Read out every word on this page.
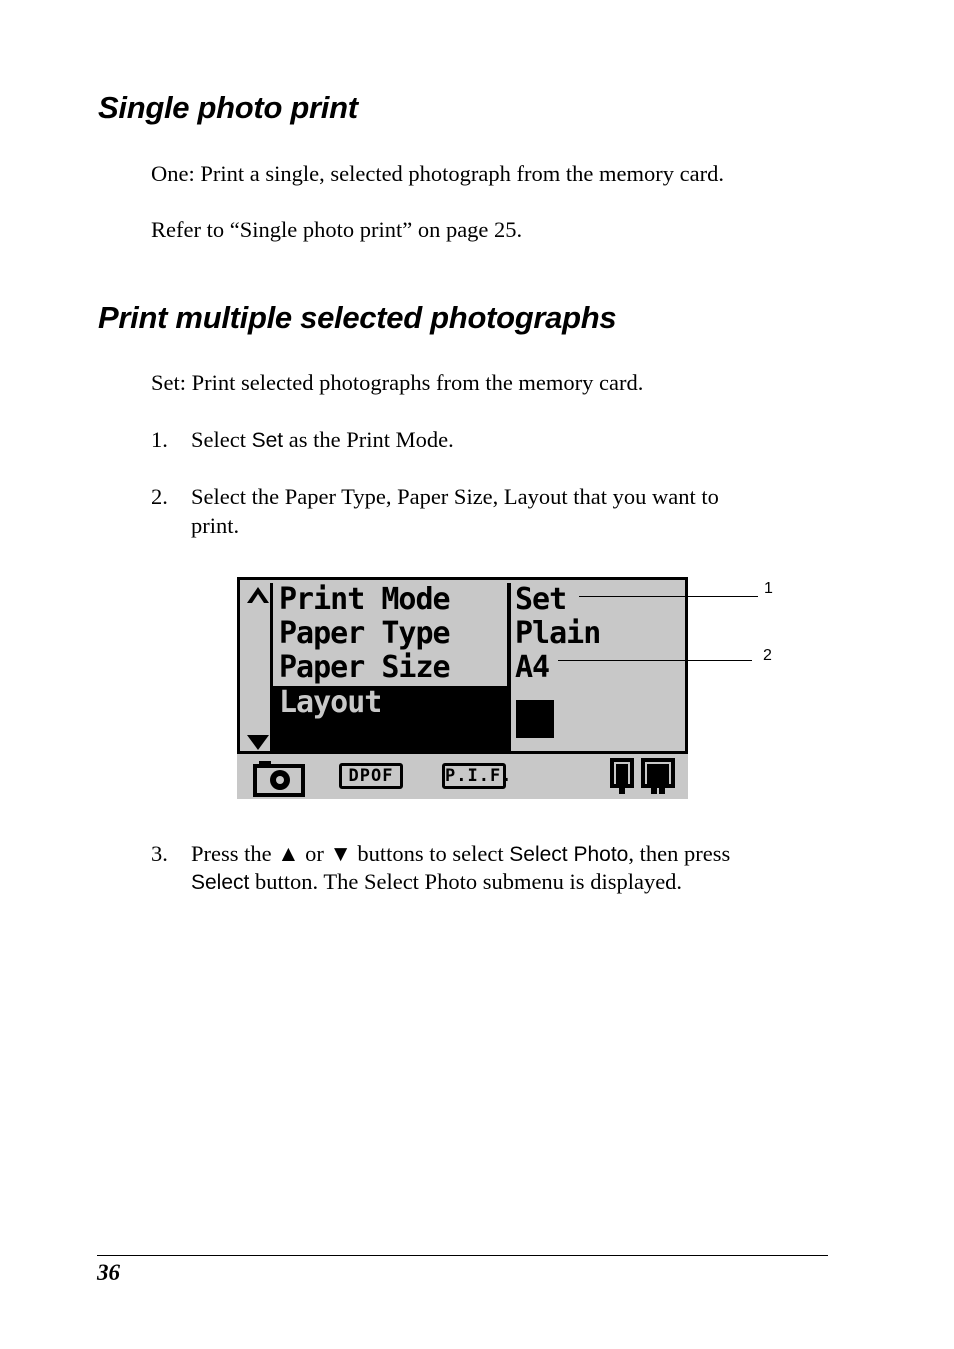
Single photo print
One: Print a single, selected photograph from the memory card.
Refer to “Single photo print” on page 25.
Print multiple selected photographs
Set: Print selected photographs from the memory card.
1. Select Set as the Print Mode.
2. Select the Paper Type, Paper Size, Layout that you want to
print.
Print Mode
Paper Type
Paper Size
Layout
Set
Plain
A4
DPOF	P.I.F.
1
2
3. Press the ▲ or ▼ buttons to select Select Photo, then press
Select button. The Select Photo submenu is displayed.
36
